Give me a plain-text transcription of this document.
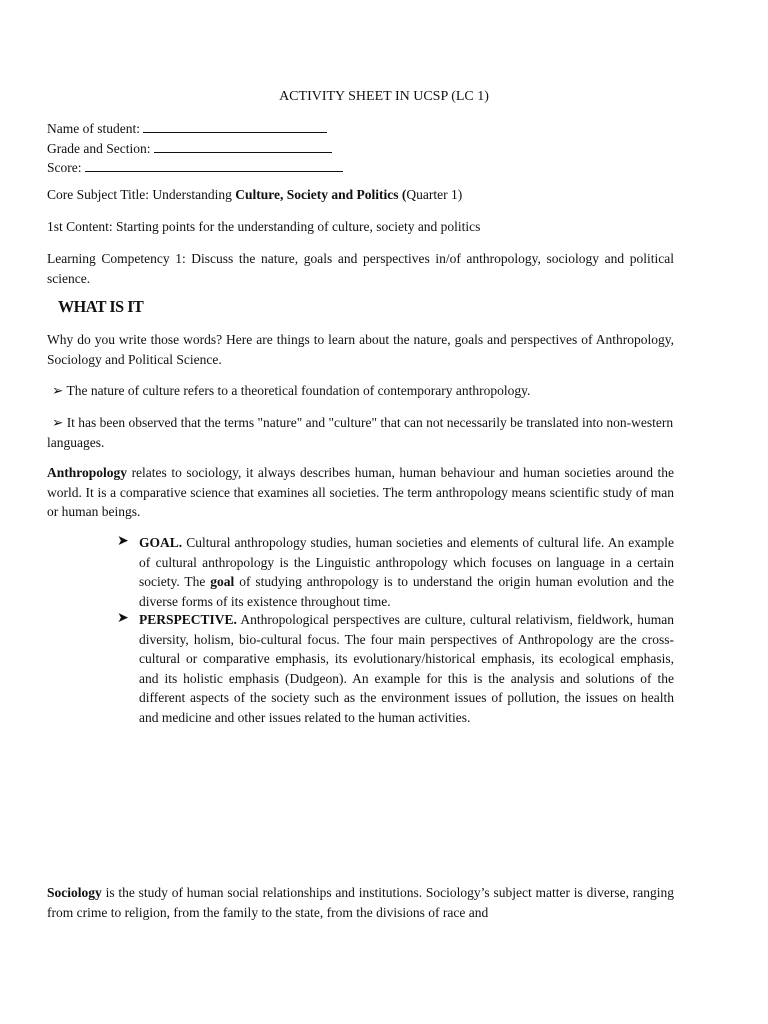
ACTIVITY SHEET IN UCSP (LC 1)
Name of student:
Grade and Section:
Score:
Core Subject Title: Understanding Culture, Society and Politics (Quarter 1)
1st Content: Starting points for the understanding of culture, society and politics
Learning Competency 1: Discuss the nature, goals and perspectives in/of anthropology, sociology and political science.
WHAT IS IT
Why do you write those words? Here are things to learn about the nature, goals and perspectives of Anthropology, Sociology and Political Science.
➢ The nature of culture refers to a theoretical foundation of contemporary anthropology.
➢ It has been observed that the terms "nature" and "culture" that can not necessarily be translated into non-western languages.
Anthropology relates to sociology, it always describes human, human behaviour and human societies around the world. It is a comparative science that examines all societies. The term anthropology means scientific study of man or human beings.
➤ GOAL. Cultural anthropology studies, human societies and elements of cultural life. An example of cultural anthropology is the Linguistic anthropology which focuses on language in a certain society. The goal of studying anthropology is to understand the origin human evolution and the diverse forms of its existence throughout time.
➤ PERSPECTIVE. Anthropological perspectives are culture, cultural relativism, fieldwork, human diversity, holism, bio-cultural focus. The four main perspectives of Anthropology are the cross-cultural or comparative emphasis, its evolutionary/historical emphasis, its ecological emphasis, and its holistic emphasis (Dudgeon). An example for this is the analysis and solutions of the different aspects of the society such as the environment issues of pollution, the issues on health and medicine and other issues related to the human activities.
Sociology is the study of human social relationships and institutions. Sociology’s subject matter is diverse, ranging from crime to religion, from the family to the state, from the divisions of race and
